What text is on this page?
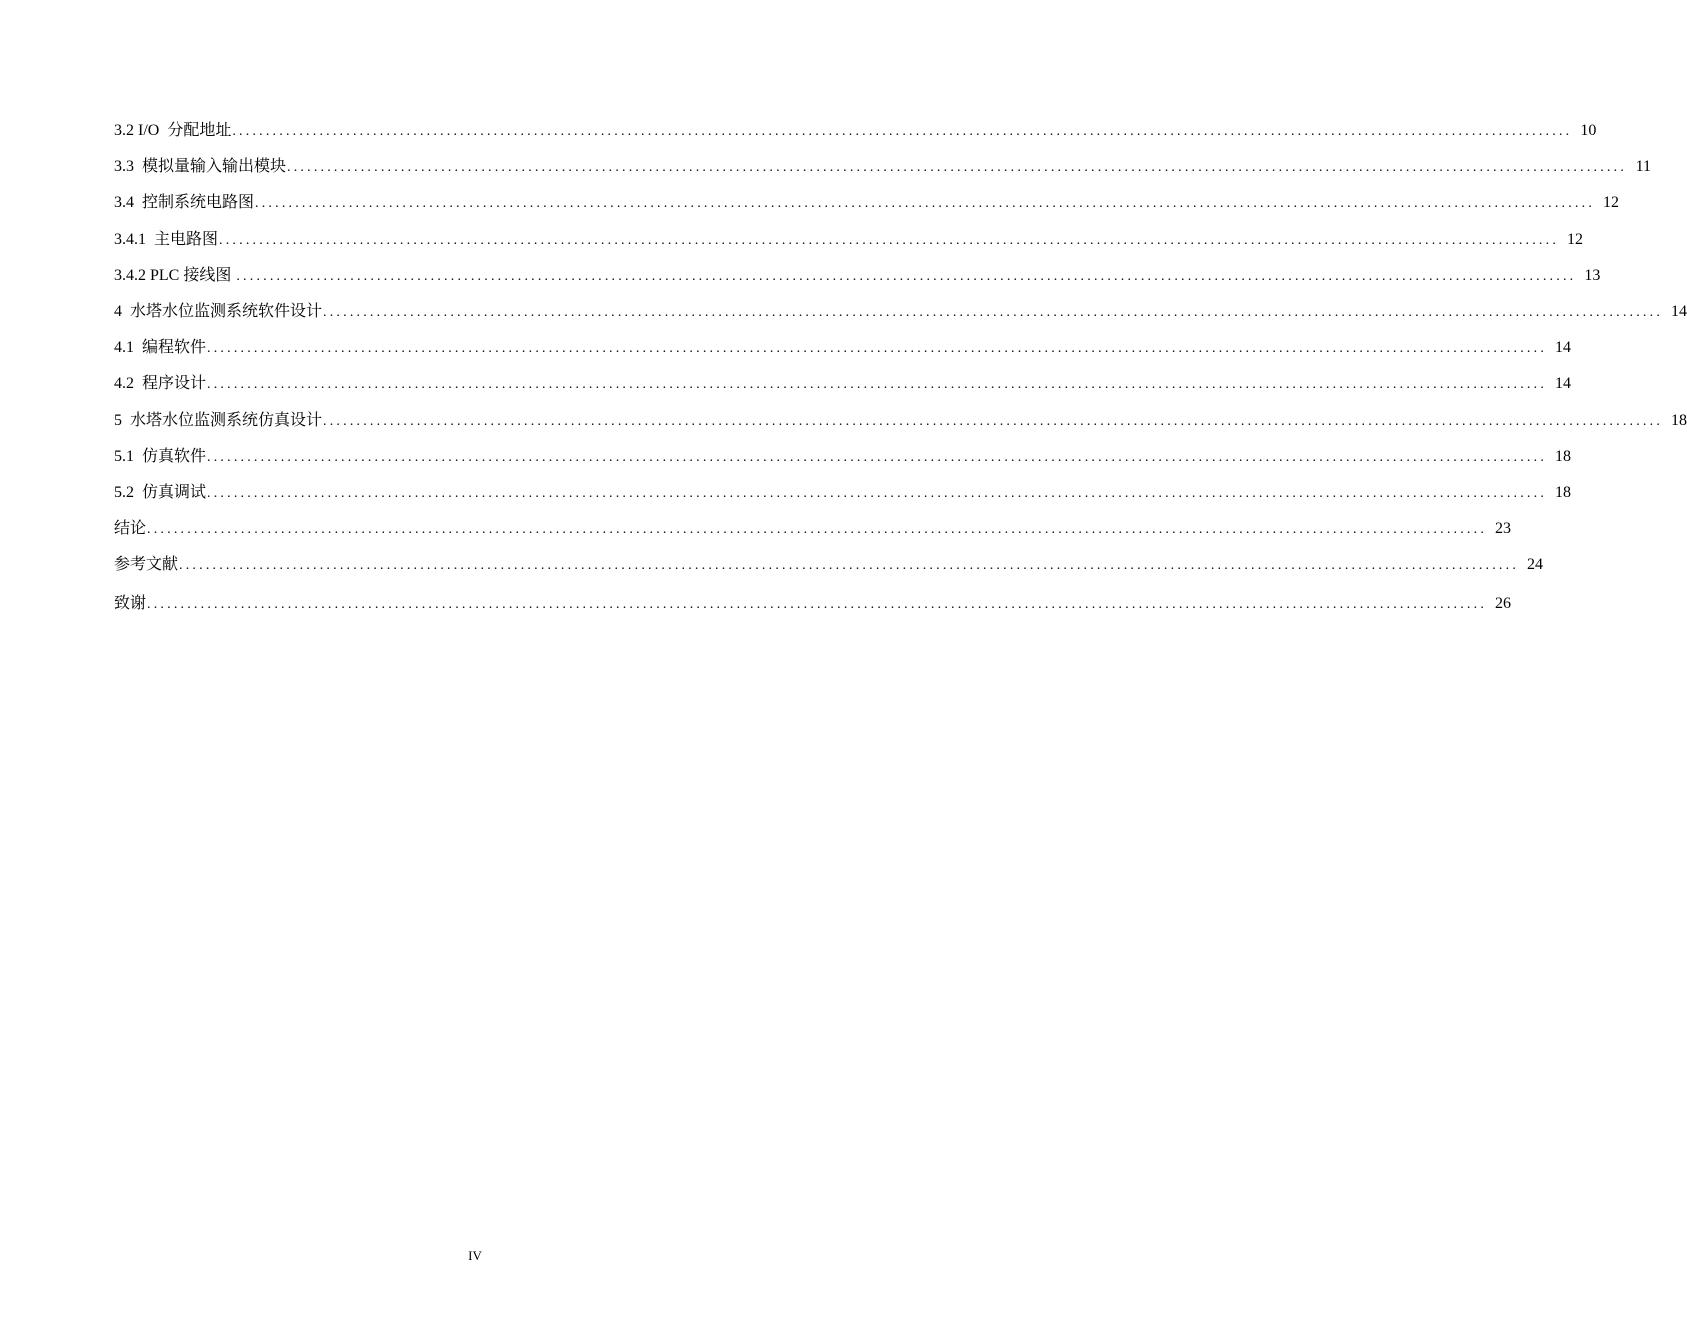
3.2 I/O  分配地址 ........................................................................................................................................................................................................ 10
3.3  模拟量输入输出模块 ........................................................................................................................................................................................................ 11
3.4  控制系统电路图 ........................................................................................................................................................................................................ 12
3.4.1  主电路图 ........................................................................................................................................................................................................ 12
3.4.2 PLC 接线图 ........................................................................................................................................................................................................ 13
4  水塔水位监测系统软件设计 ........................................................................................................................................................................................................ 14
4.1  编程软件 ........................................................................................................................................................................................................ 14
4.2  程序设计 ........................................................................................................................................................................................................ 14
5  水塔水位监测系统仿真设计 ........................................................................................................................................................................................................ 18
5.1  仿真软件 ........................................................................................................................................................................................................ 18
5.2  仿真调试 ........................................................................................................................................................................................................ 18
结论 ........................................................................................................................................................................................................ 23
参考文献 ........................................................................................................................................................................................................ 24
致谢 ........................................................................................................................................................................................................ 26
IV
